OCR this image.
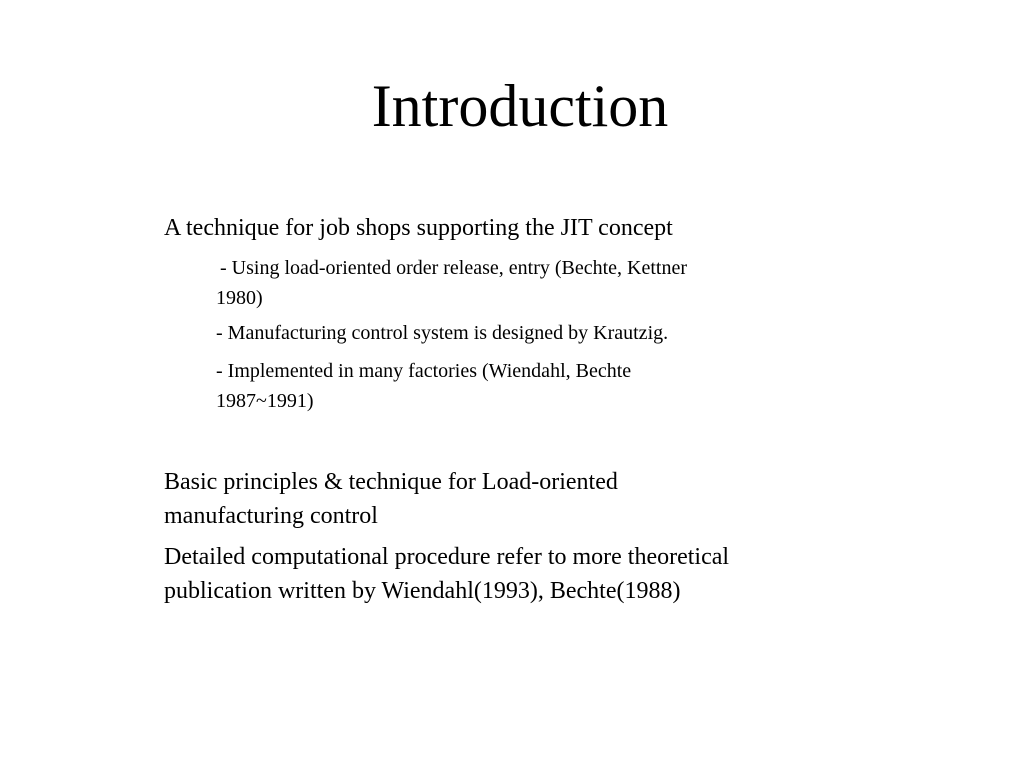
Introduction
A technique for job shops supporting the JIT concept
- Using load-oriented order release, entry (Bechte, Kettner
1980)
- Manufacturing control system is designed by Krautzig.
- Implemented in many factories (Wiendahl, Bechte
1987~1991)
Basic principles & technique for Load-oriented
manufacturing control
Detailed computational procedure refer to more theoretical
publication written by Wiendahl(1993), Bechte(1988)
